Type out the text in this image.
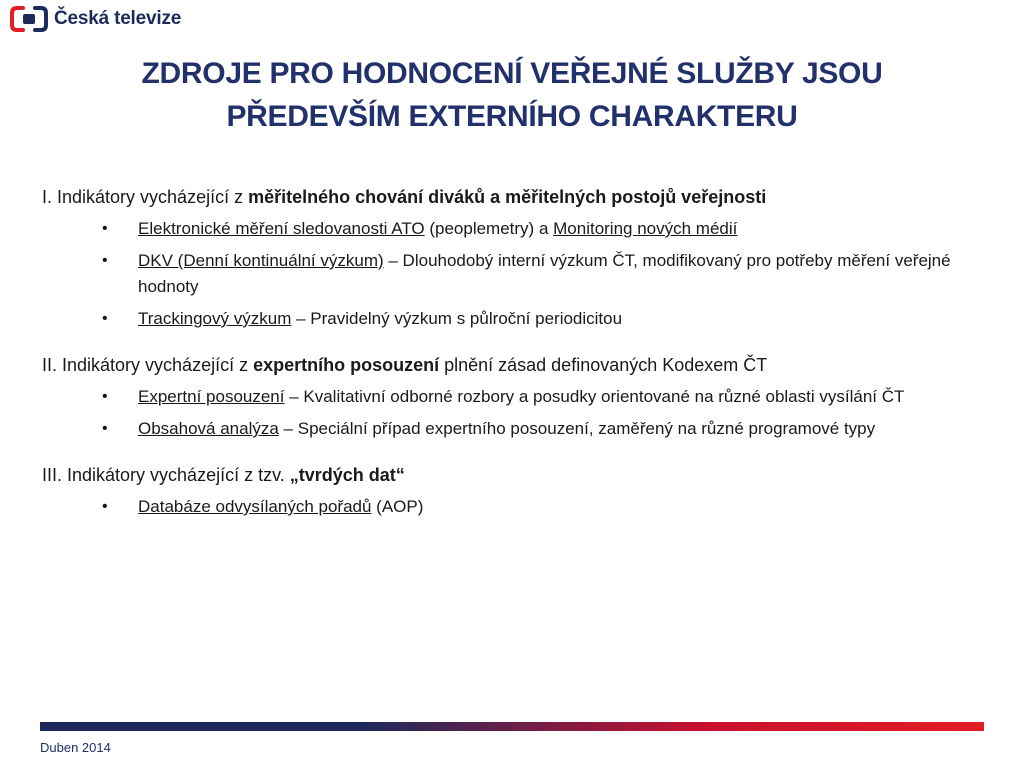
Česká televize
ZDROJE PRO HODNOCENÍ VEŘEJNÉ SLUŽBY JSOU
PŘEDEVŠÍM EXTERNÍHO CHARAKTERU

I. Indikátory vycházející z měřitelného chování diváků a měřitelných postojů veřejnosti

• Elektronické měření sledovanosti ATO (peoplemetry) a Monitoring nových médií
• DKV (Denní kontinuální výzkum) – Dlouhodobý interní výzkum ČT, modifikovaný pro potřeby měření veřejné hodnoty
• Trackingový výzkum – Pravidelný výzkum s půlroční periodicitou

II. Indikátory vycházející z expertního posouzení plnění zásad definovaných Kodexem ČT

• Expertní posouzení – Kvalitativní odborné rozbory a posudky orientované na různé oblasti vysílání ČT
• Obsahová analýza – Speciální případ expertního posouzení, zaměřený na různé programové typy

III. Indikátory vycházející z tzv. „tvrdých dat“

• Databáze odvysílaných pořadů (AOP)
Duben 2014
